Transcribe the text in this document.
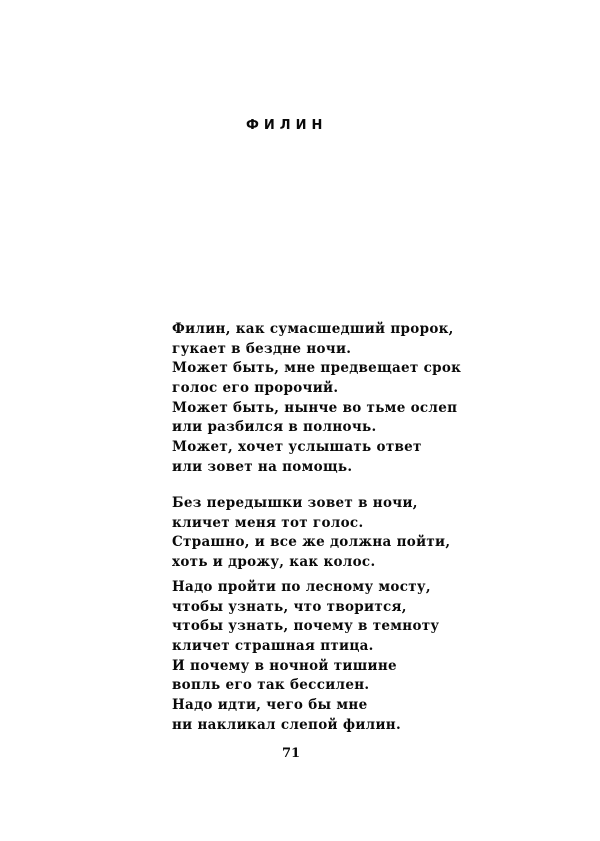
ФИЛИН
Филин, как сумасшедший пророк,
гукает в бездне ночи.
Может быть, мне предвещает срок
голос его пророчий.
Может быть, нынче во тьме ослеп
или разбился в полночь.
Может, хочет услышать ответ
или зовет на помощь.
Без передышки зовет в ночи,
кличет меня тот голос.
Страшно, и все же должна пойти,
хоть и дрожу, как колос.
Надо пройти по лесному мосту,
чтобы узнать, что творится,
чтобы узнать, почему в темноту
кличет страшная птица.
И почему в ночной тишине
вопль его так бессилен.
Надо идти, чего бы мне
ни накликал слепой филин.
71
